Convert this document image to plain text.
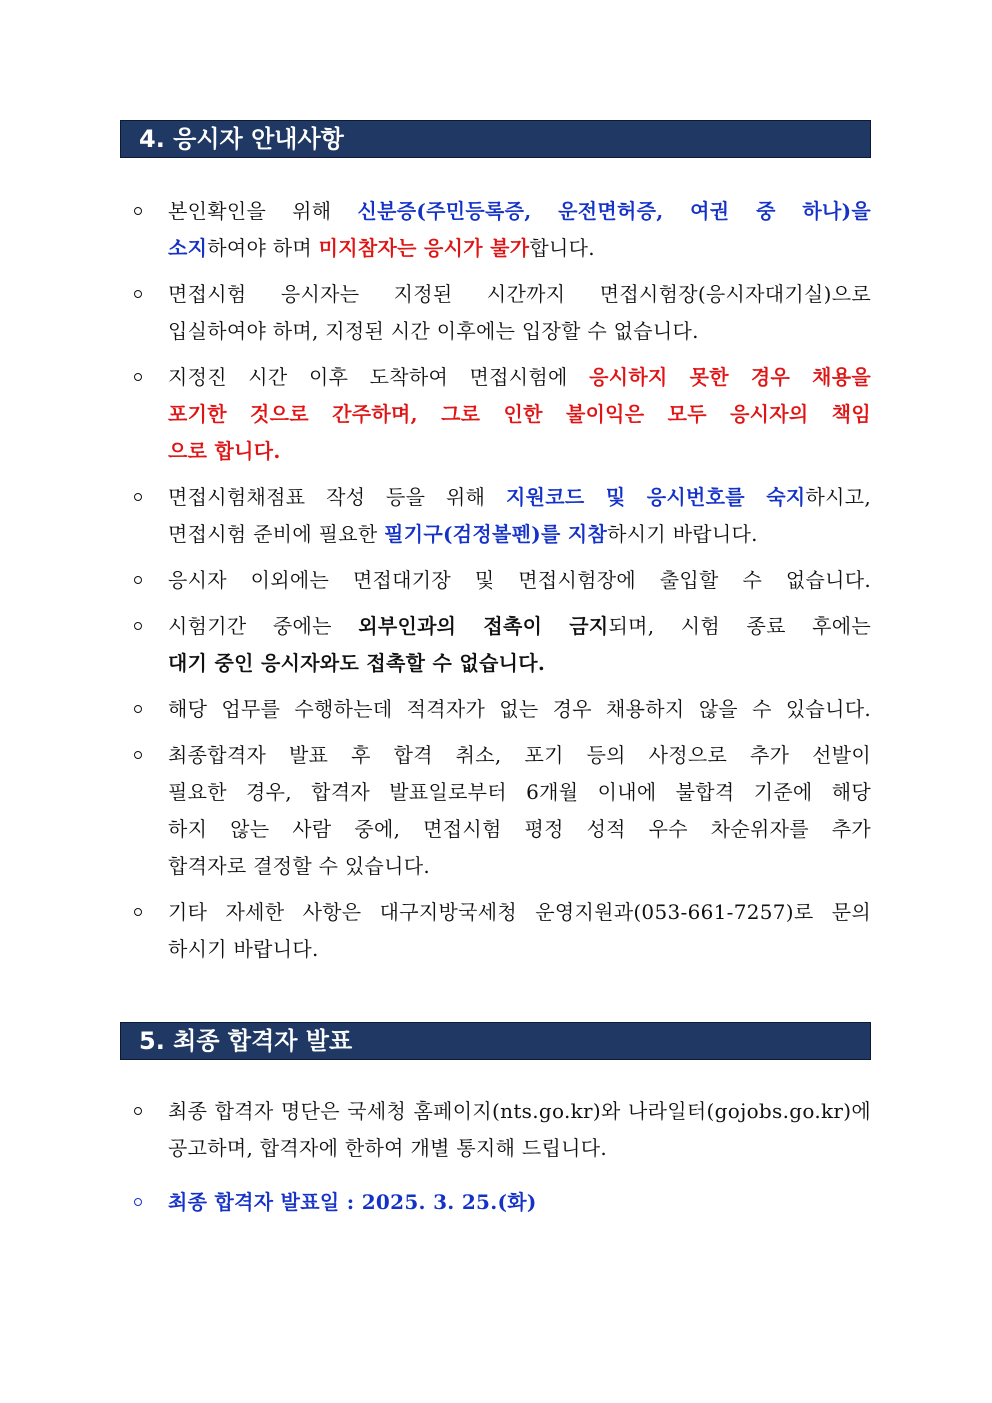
4. 응시자 안내사항
본인확인을 위해 신분증(주민등록증, 운전면허증, 여권 중 하나)을
소지하여야 하며 미지참자는 응시가 불가합니다.
면접시험 응시자는 지정된 시간까지 면접시험장(응시자대기실)으로
입실하여야 하며, 지정된 시간 이후에는 입장할 수 없습니다.
지정진 시간 이후 도착하여 면접시험에 응시하지 못한 경우 채용을
포기한 것으로 간주하며, 그로 인한 불이익은 모두 응시자의 책임
으로 합니다.
면접시험채점표 작성 등을 위해 지원코드 및 응시번호를 숙지하시고,
면접시험 준비에 필요한 필기구(검정볼펜)를 지참하시기 바랍니다.
응시자 이외에는 면접대기장 및 면접시험장에 출입할 수 없습니다.
시험기간 중에는 외부인과의 접촉이 금지되며, 시험 종료 후에는
대기 중인 응시자와도 접촉할 수 없습니다.
해당 업무를 수행하는데 적격자가 없는 경우 채용하지 않을 수 있습니다.
최종합격자 발표 후 합격 취소, 포기 등의 사정으로 추가 선발이
필요한 경우, 합격자 발표일로부터 6개월 이내에 불합격 기준에 해당
하지 않는 사람 중에, 면접시험 평정 성적 우수 차순위자를 추가
합격자로 결정할 수 있습니다.
기타 자세한 사항은 대구지방국세청 운영지원과(053-661-7257)로 문의
하시기 바랍니다.
5. 최종 합격자 발표
최종 합격자 명단은 국세청 홈페이지(nts.go.kr)와 나라일터(gojobs.go.kr)에
공고하며, 합격자에 한하여 개별 통지해 드립니다.
최종 합격자 발표일 : 2025. 3. 25.(화)
